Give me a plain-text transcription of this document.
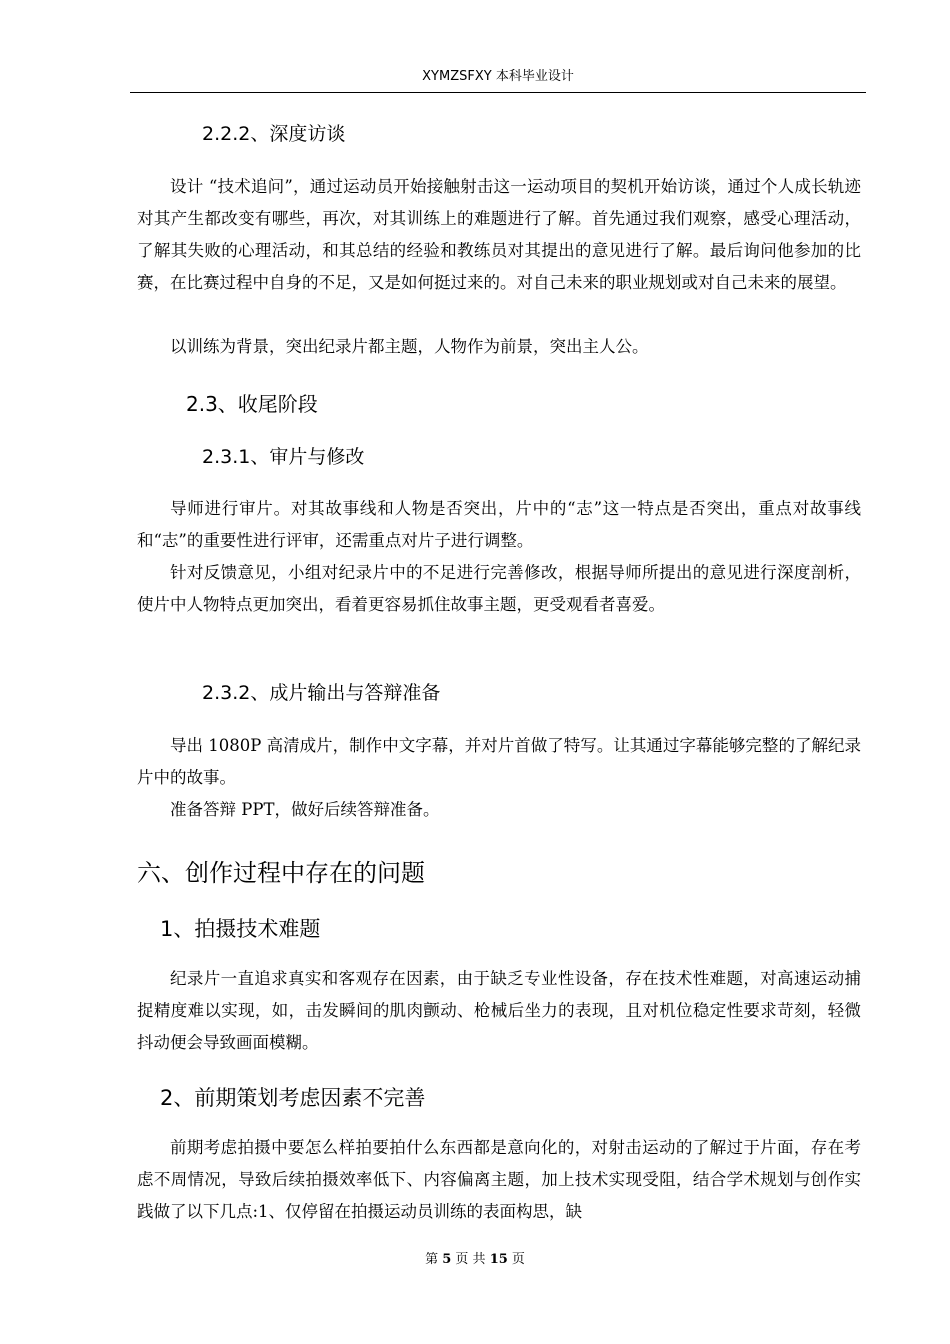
XYMZSFXY 本科毕业设计
2.2.2、深度访谈
设计 “技术追问”，通过运动员开始接触射击这一运动项目的契机开始访谈，通过个人成长轨迹对其产生都改变有哪些，再次，对其训练上的难题进行了解。首先通过我们观察，感受心理活动，了解其失败的心理活动，和其总结的经验和教练员对其提出的意见进行了解。最后询问他参加的比赛，在比赛过程中自身的不足，又是如何挺过来的。对自己未来的职业规划或对自己未来的展望。
以训练为背景，突出纪录片都主题，人物作为前景，突出主人公。
2.3、收尾阶段
2.3.1、审片与修改
导师进行审片。对其故事线和人物是否突出，片中的“志”这一特点是否突出，重点对故事线和“志”的重要性进行评审，还需重点对片子进行调整。
针对反馈意见，小组对纪录片中的不足进行完善修改，根据导师所提出的意见进行深度剖析，使片中人物特点更加突出，看着更容易抓住故事主题，更受观看者喜爱。
2.3.2、成片输出与答辩准备
导出 1080P 高清成片，制作中文字幕，并对片首做了特写。让其通过字幕能够完整的了解纪录片中的故事。
准备答辩 PPT，做好后续答辩准备。
六、创作过程中存在的问题
1、拍摄技术难题
纪录片一直追求真实和客观存在因素，由于缺乏专业性设备，存在技术性难题，对高速运动捕捉精度难以实现，如，击发瞬间的肌肉颤动、枪械后坐力的表现，且对机位稳定性要求苛刻，轻微抖动便会导致画面模糊。
2、前期策划考虑因素不完善
前期考虑拍摄中要怎么样拍要拍什么东西都是意向化的，对射击运动的了解过于片面，存在考虑不周情况，导致后续拍摄效率低下、内容偏离主题，加上技术实现受阻，结合学术规划与创作实践做了以下几点:1、仅停留在拍摄运动员训练的表面构思，缺
第 5 页 共 15 页
